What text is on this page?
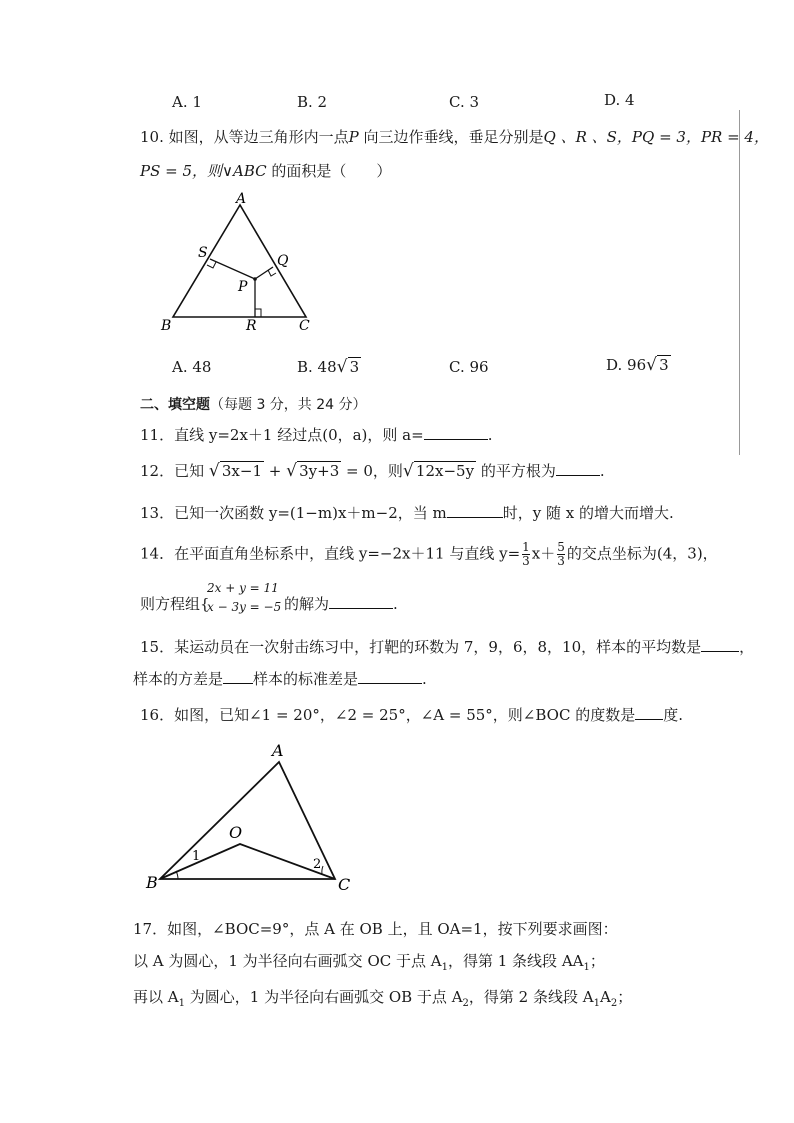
A. 1	B. 2	C. 3	D. 4
10. 如图，从等边三角形内一点P 向三边作垂线，垂足分别是Q 、R 、S，PQ = 3，PR = 4，
PS = 5，则∨ABC 的面积是（　　）
A
B	C
S	Q
P
R
A. 48	B. 48 √ 3	C. 96	D. 96 √ 3
二、填空题（每题 3 分，共 24 分）
11．直线 y=2x＋1 经过点(0，a)，则 a=	.
12．已知 √ 3x−1 + √ 3y+3 = 0，则 √ 12x−5y 的平方根为	.
13．已知一次函数 y=(1−m)x＋m−2，当 m	时，y 随 x 的增大而增大.
14．在平面直角坐标系中，直线 y=−2x＋11 与直线 $y= \frac{1}{3} x+ \frac{5}{3}$ 的交点坐标为(4，3)，
则方程组{
2x + y = 11
x − 3y = −5 的解为	.
15．某运动员在一次射击练习中，打靶的环数为 7，9，6，8，10，样本的平均数是	，
样本的方差是 样本的标准差是	.
16．如图，已知∠1 = 20°，∠2 = 25°，∠A = 55°，则∠BOC 的度数是 度.
A
O
B	C
1
2
17．如图，∠BOC=9°，点 A 在 OB 上，且 OA=1，按下列要求画图：
以 A 为圆心，1 为半径向右画弧交 OC 于点 $A_1$，得第 1 条线段 $AA_1$；
再以 $A_1$ 为圆心，1 为半径向右画弧交 OB 于点 $A_2$，得第 2 条线段 $A_1A_2$；
